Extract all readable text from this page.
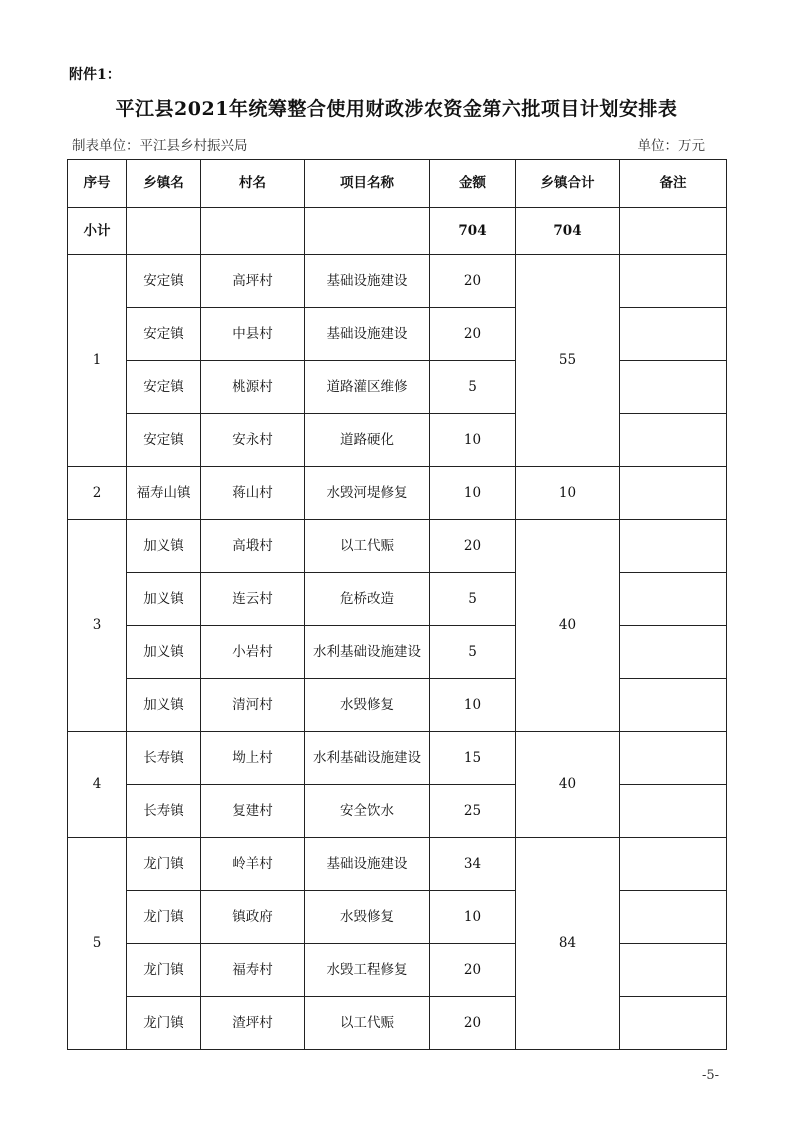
附件1：
平江县2021年统筹整合使用财政涉农资金第六批项目计划安排表
制表单位：平江县乡村振兴局	单位：万元
序号	乡镇名	村名	项目名称	金额	乡镇合计	备注
小计				704	704	
1	安定镇	高坪村	基础设施建设	20	55	
	安定镇	中县村	基础设施建设	20		
	安定镇	桃源村	道路灌区维修	5		
	安定镇	安永村	道路硬化	10		
2	福寿山镇	蒋山村	水毁河堤修复	10	10	
3	加义镇	高塅村	以工代赈	20	40	
	加义镇	连云村	危桥改造	5		
	加义镇	小岩村	水利基础设施建设	5		
	加义镇	清河村	水毁修复	10		
4	长寿镇	坳上村	水利基础设施建设	15	40	
	长寿镇	复建村	安全饮水	25		
5	龙门镇	岭羊村	基础设施建设	34	84	
	龙门镇	镇政府	水毁修复	10		
	龙门镇	福寿村	水毁工程修复	20		
	龙门镇	渣坪村	以工代赈	20		
-5-
